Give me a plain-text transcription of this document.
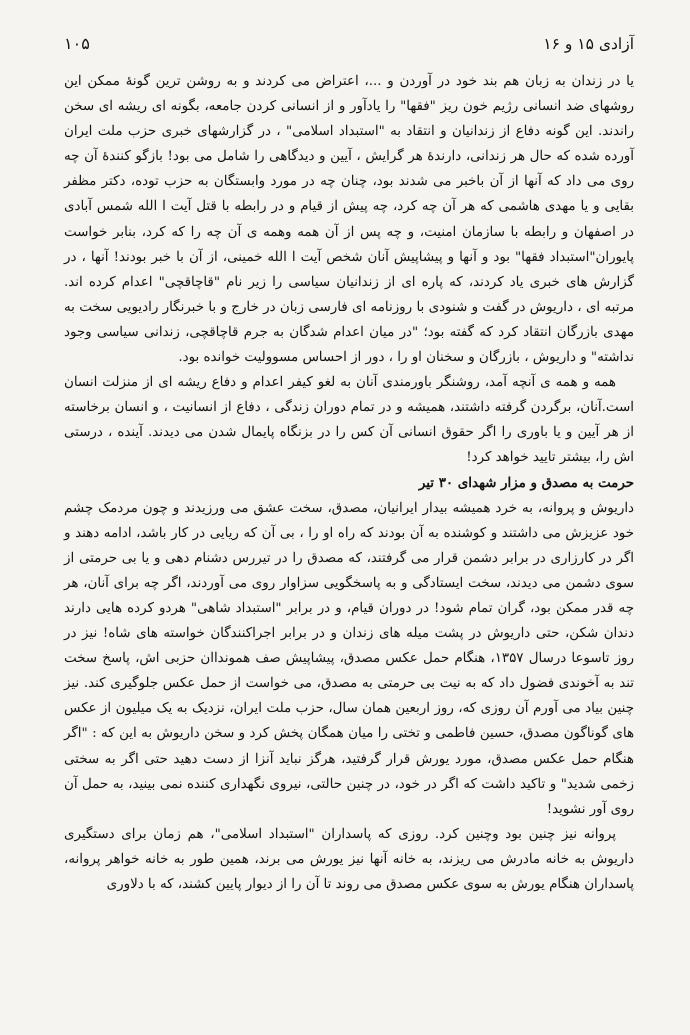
آزادی ۱۵ و ۱۶
۱۰۵

یا در زندان به زبان هم بند خود در آوردن و ...، اعتراض می کردند و به روشن ترین گونهٔ ممکن این روشهای ضد انسانی رژیم خون ریز "فقها" را یادآور و از انسانی کردن جامعه، بگونه ای ریشه ای سخن راندند. این گونه دفاع از زندانیان و انتقاد به "استبداد اسلامی" ، در گزارشهای خبری حزب ملت ایران آورده شده که حال هر زندانی، دارندهٔ هر گرایش ، آیین و دیدگاهی را شامل می بود! بازگو کنندهٔ آن چه روی می داد که آنها از آن باخبر می شدند بود، چنان چه در مورد وابستگان به حزب توده، دکتر مظفر بقایی و یا مهدی هاشمی که هر آن چه کرد، چه پیش از قیام و در رابطه با قتل آیت ا الله شمس آبادی در اصفهان و رابطه با سازمان امنیت، و چه پس از آن همه وهمه ی آن چه را که کرد، بنابر خواست پایوران"استبداد فقها" بود و آنها و پیشاپیش آنان شخص آیت ا الله خمینی، از آن با خبر بودند! آنها ، در گزارش های خبری یاد کردند، که پاره ای از زندانیان سیاسی را زیر نام "قاچاقچی" اعدام کرده اند. مرتبه ای ، داریوش در گفت و شنودی با روزنامه ای فارسی زبان در خارج و با خبرنگار رادیویی سخت به مهدی بازرگان انتقاد کرد که گفته بود؛ "در میان اعدام شدگان به جرم قاچاقچی، زندانی سیاسی وجود نداشته" و داریوش ، بازرگان و سخنان او را ، دور از احساس مسوولیت خوانده بود.

همه و همه ی آنچه آمد، روشنگر باورمندی آنان به لغو کیفر اعدام و دفاع ریشه ای از منزلت انسان است.آنان، برگردن گرفته داشتند، همیشه و در تمام دوران زندگی ، دفاع از انسانیت ، و انسان برخاسته از هر آیین و یا باوری را اگر حقوق انسانی آن کس را در بزنگاه پایمال شدن می دیدند. آینده ، درستی اش را، بیشتر تایید خواهد کرد!

حرمت به مصدق و مزار شهدای ۳۰ تیر

داریوش و پروانه، به خرد همیشه بیدار ایرانیان، مصدق، سخت عشق می ورزیدند و چون مردمک چشم خود عزیزش می داشتند و کوشنده به آن بودند که راه او را ، بی آن که ریایی در کار باشد، ادامه دهند و اگر در کارزاری در برابر دشمن قرار می گرفتند، که مصدق را در تیررس دشنام دهی و یا بی حرمتی از سوی دشمن می دیدند، سخت ایستادگی و به پاسخگویی سزاوار روی می آوردند، اگر چه برای آنان، هر چه قدر ممکن بود، گران تمام شود! در دوران قیام، و در برابر "استبداد شاهی" هردو کرده هایی دارند دندان شکن، حتی داریوش در پشت میله های زندان و در برابر اجراکنندگان خواسته های شاه! نیز در روز تاسوعا درسال ۱۳۵۷، هنگام حمل عکس مصدق، پیشاپیش صف همونداان حزبی اش، پاسخ سخت تند به آخوندی فضول داد که به نیت بی حرمتی به مصدق، می خواست از حمل عکس جلوگیری کند. نیز چنین بیاد می آورم آن روزی که، روز اربعین همان سال، حزب ملت ایران، نزدیک به یک میلیون از عکس های گوناگون مصدق، حسین فاطمی و تختی را میان همگان پخش کرد و سخن داریوش به این که : "اگر هنگام حمل عکس مصدق، مورد یورش قرار گرفتید، هرگز نباید آنزا از دست دهید حتی اگر به سختی زخمی شدید" و تاکید داشت که اگر در خود، در چنین حالتی، نیروی نگهداری کننده نمی بینید، به حمل آن روی آور نشوید!

پروانه نیز چنین بود وچنین کرد. روزی که پاسداران "استبداد اسلامی"، هم زمان برای دستگیری داریوش به خانه مادرش می ریزند، به خانه آنها نیز یورش می برند، همین طور به خانه خواهر پروانه، پاسداران هنگام یورش به سوی عکس مصدق می روند تا آن را از دیوار پایین کشند، که با دلاوری
